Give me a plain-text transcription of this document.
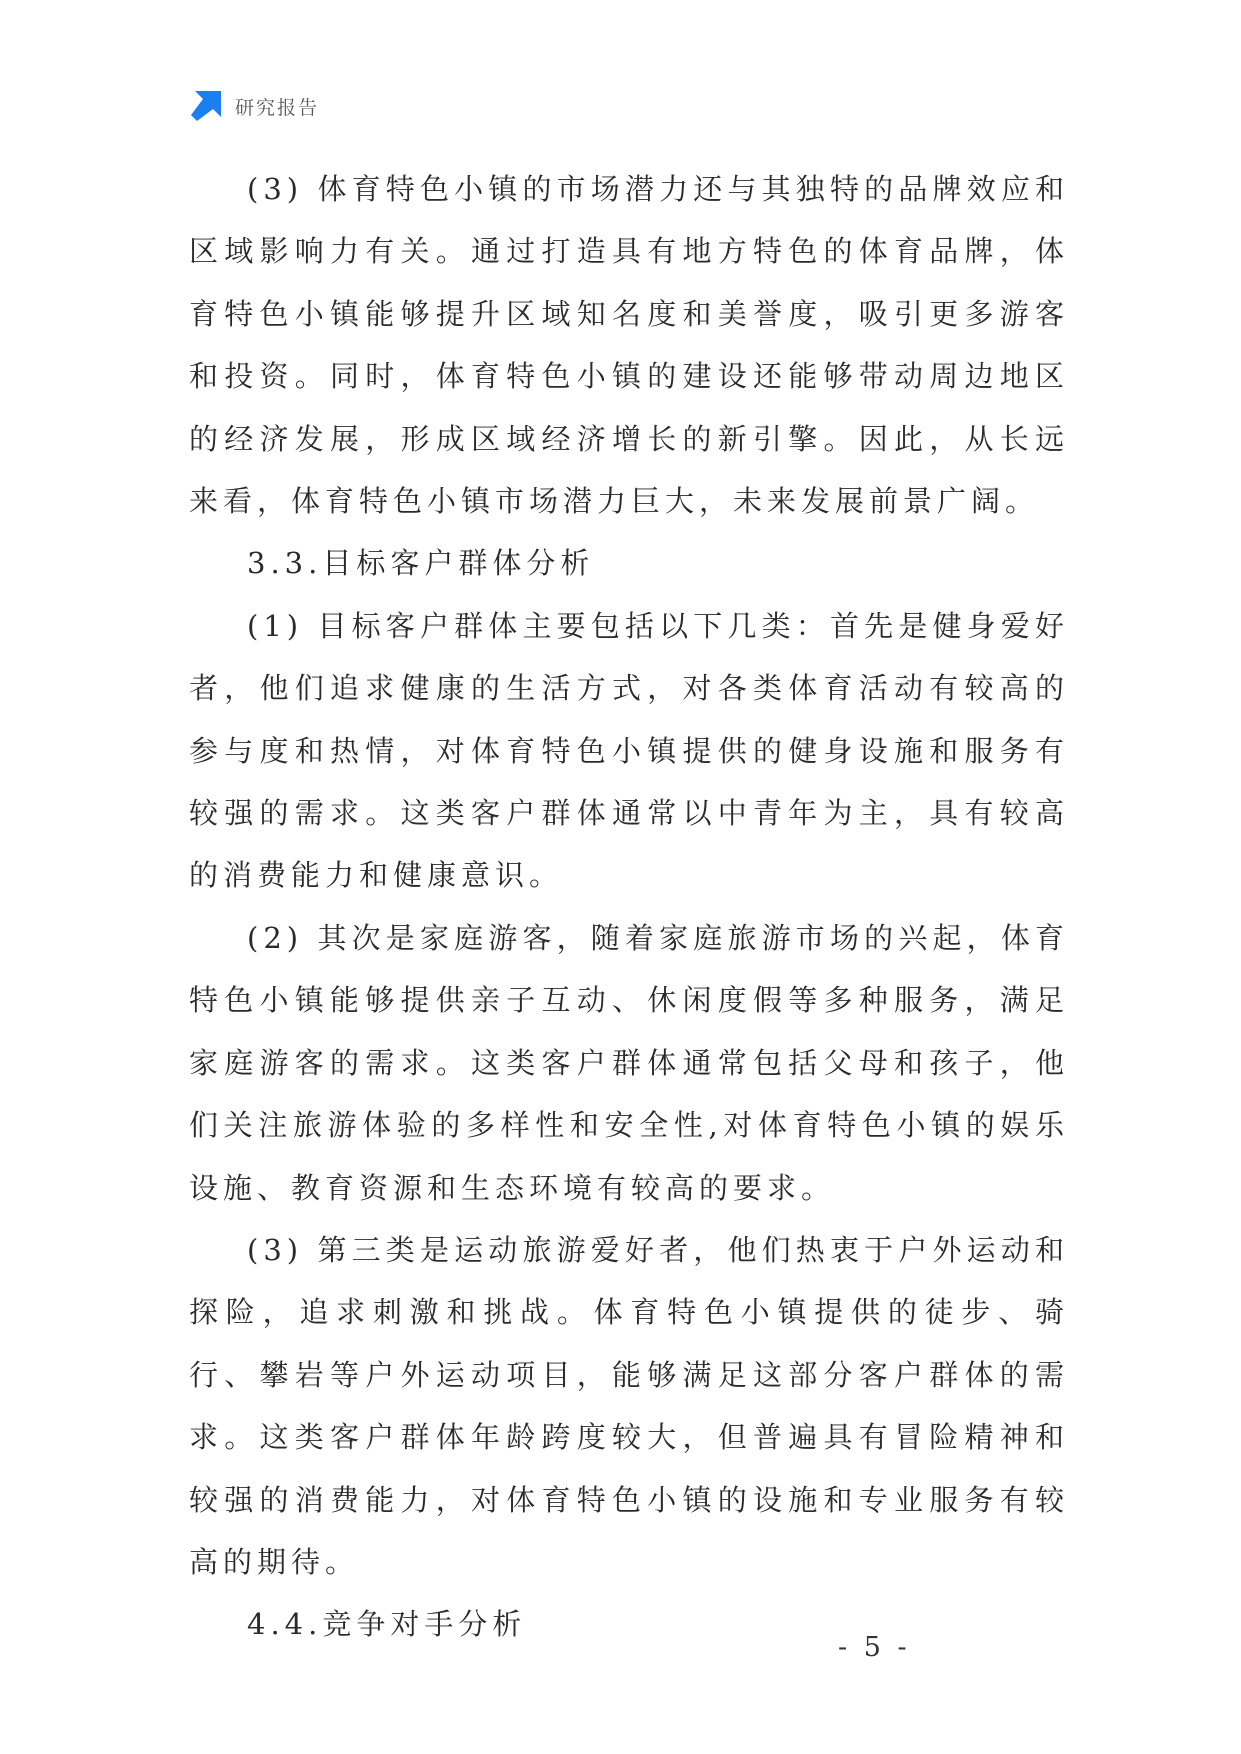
研究报告

(3) 体育特色小镇的市场潜力还与其独特的品牌效应和区域影响力有关。通过打造具有地方特色的体育品牌，体育特色小镇能够提升区域知名度和美誉度，吸引更多游客和投资。同时，体育特色小镇的建设还能够带动周边地区的经济发展，形成区域经济增长的新引擎。因此，从长远来看，体育特色小镇市场潜力巨大，未来发展前景广阔。

3.3.目标客户群体分析

(1) 目标客户群体主要包括以下几类：首先是健身爱好者，他们追求健康的生活方式，对各类体育活动有较高的参与度和热情，对体育特色小镇提供的健身设施和服务有较强的需求。这类客户群体通常以中青年为主，具有较高的消费能力和健康意识。

(2) 其次是家庭游客，随着家庭旅游市场的兴起，体育特色小镇能够提供亲子互动、休闲度假等多种服务，满足家庭游客的需求。这类客户群体通常包括父母和孩子，他们关注旅游体验的多样性和安全性,对体育特色小镇的娱乐设施、教育资源和生态环境有较高的要求。

(3) 第三类是运动旅游爱好者，他们热衷于户外运动和探险，追求刺激和挑战。体育特色小镇提供的徒步、骑行、攀岩等户外运动项目，能够满足这部分客户群体的需求。这类客户群体年龄跨度较大，但普遍具有冒险精神和较强的消费能力，对体育特色小镇的设施和专业服务有较高的期待。

4.4.竞争对手分析

- 5 -
